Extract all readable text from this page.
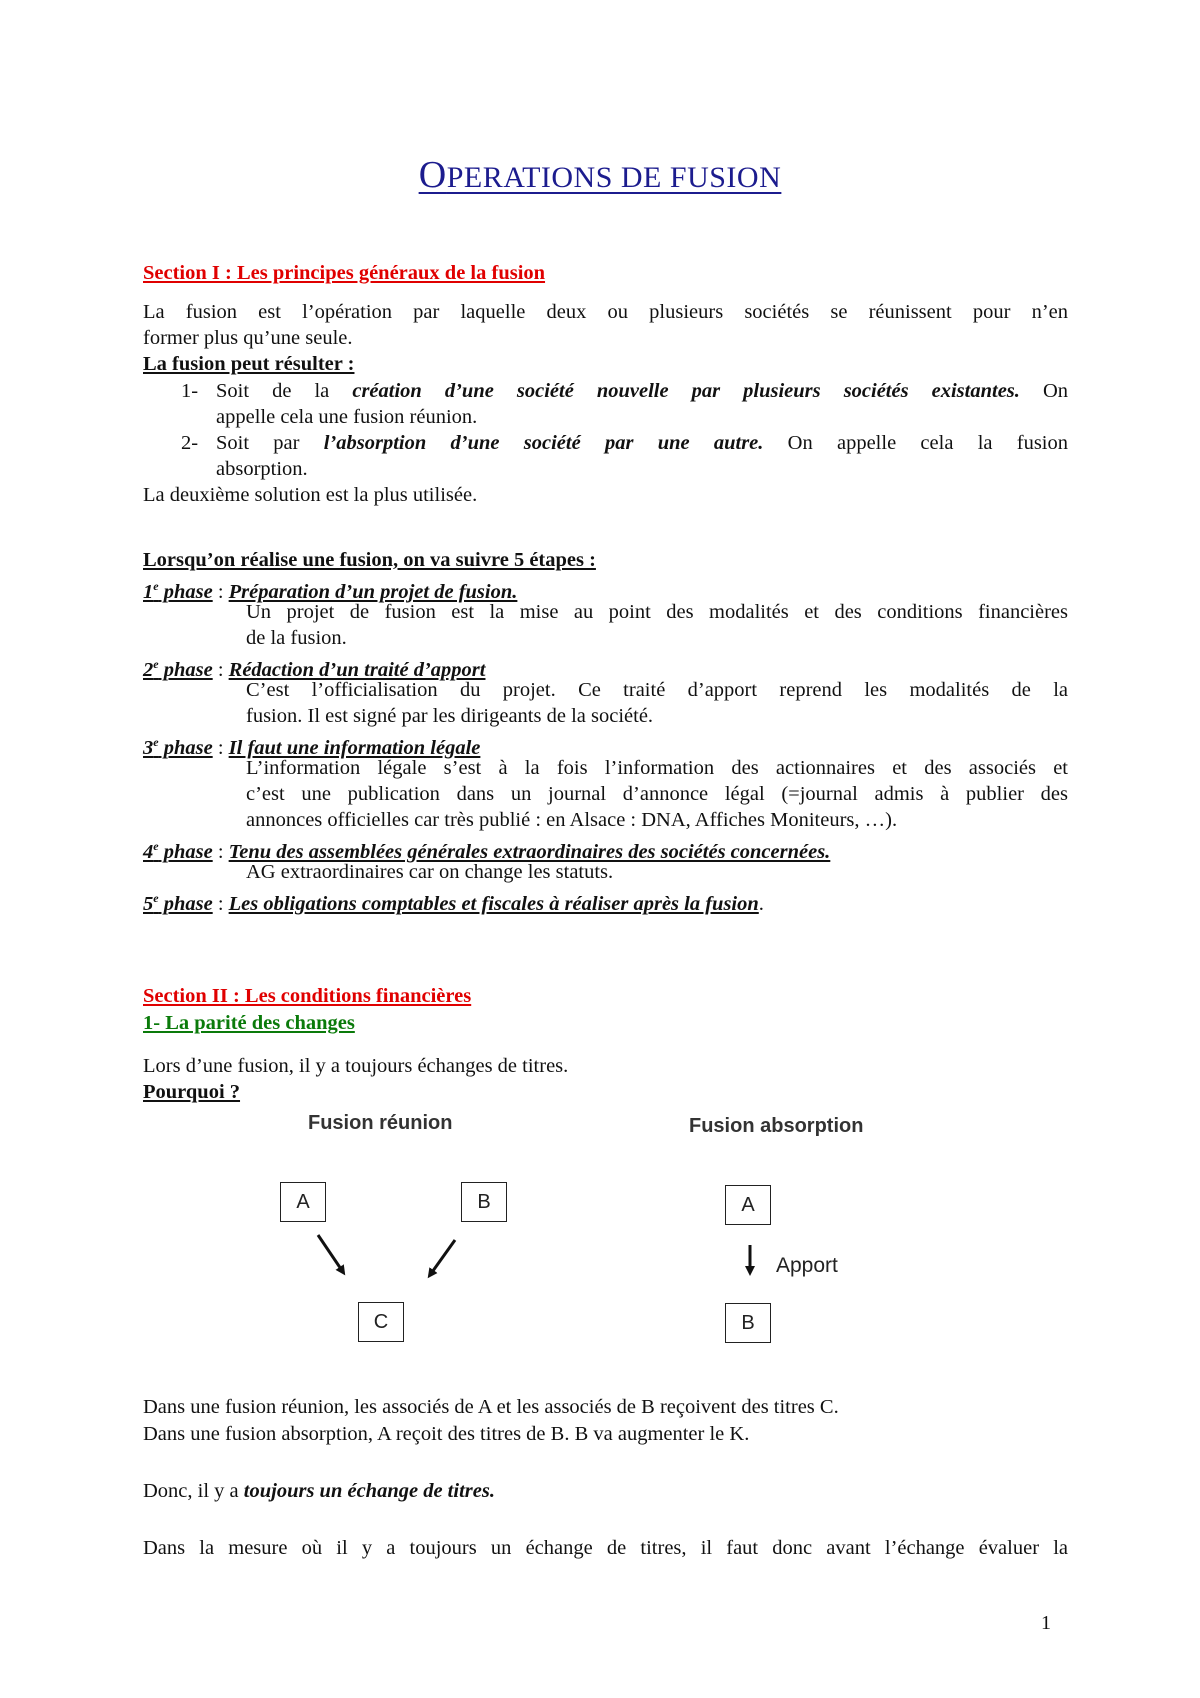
OPERATIONS DE FUSION
Section I : Les principes généraux de la fusion
La fusion est l’opération par laquelle deux ou plusieurs sociétés se réunissent pour n’en
former plus qu’une seule.
La fusion peut résulter :
1- Soit de la création d’une société nouvelle par plusieurs sociétés existantes. On
appelle cela une fusion réunion.
2- Soit par l’absorption d’une société par une autre. On appelle cela la fusion
absorption.
La deuxième solution est la plus utilisée.
Lorsqu’on réalise une fusion, on va suivre 5 étapes :
1e phase : Préparation d’un projet de fusion.
Un projet de fusion est la mise au point des modalités et des conditions financières
de la fusion.
2e phase : Rédaction d’un traité d’apport
C’est l’officialisation du projet. Ce traité d’apport reprend les modalités de la
fusion. Il est signé par les dirigeants de la société.
3e phase : Il faut une information légale
L’information légale s’est à la fois l’information des actionnaires et des associés et
c’est une publication dans un journal d’annonce légal (=journal admis à publier des
annonces officielles car très publié : en Alsace : DNA, Affiches Moniteurs, …).
4e phase : Tenu des assemblées générales extraordinaires des sociétés concernées.
AG extraordinaires car on change les statuts.
5e phase : Les obligations comptables et fiscales à réaliser après la fusion.
Section II : Les conditions financières
1- La parité des changes
Lors d’une fusion, il y a toujours échanges de titres.
Pourquoi ?
Fusion réunion	Fusion absorption
A	B
C
A
B
Apport
Dans une fusion réunion, les associés de A et les associés de B reçoivent des titres C.
Dans une fusion absorption, A reçoit des titres de B. B va augmenter le K.
Donc, il y a toujours un échange de titres.
Dans la mesure où il y a toujours un échange de titres, il faut donc avant l’échange évaluer la
1
